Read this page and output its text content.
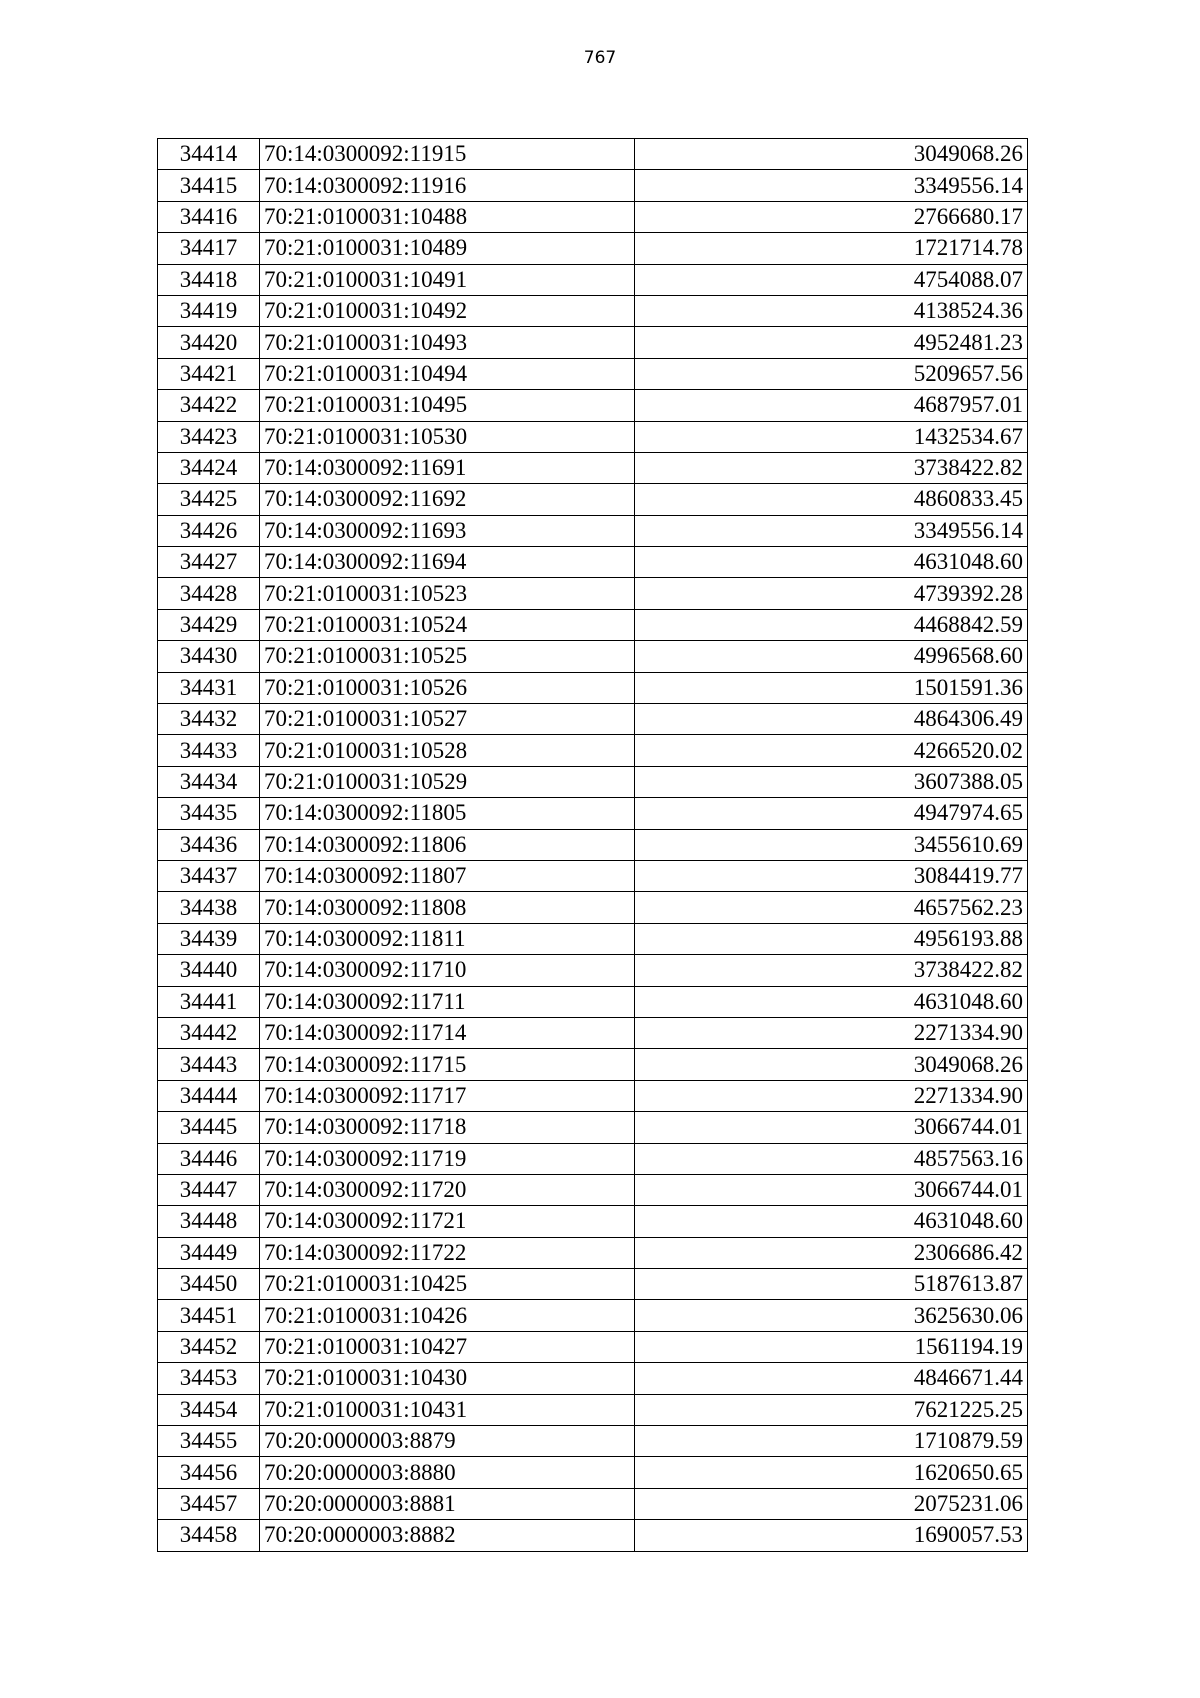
767
34414	70:14:0300092:11915	3049068.26
34415	70:14:0300092:11916	3349556.14
34416	70:21:0100031:10488	2766680.17
34417	70:21:0100031:10489	1721714.78
34418	70:21:0100031:10491	4754088.07
34419	70:21:0100031:10492	4138524.36
34420	70:21:0100031:10493	4952481.23
34421	70:21:0100031:10494	5209657.56
34422	70:21:0100031:10495	4687957.01
34423	70:21:0100031:10530	1432534.67
34424	70:14:0300092:11691	3738422.82
34425	70:14:0300092:11692	4860833.45
34426	70:14:0300092:11693	3349556.14
34427	70:14:0300092:11694	4631048.60
34428	70:21:0100031:10523	4739392.28
34429	70:21:0100031:10524	4468842.59
34430	70:21:0100031:10525	4996568.60
34431	70:21:0100031:10526	1501591.36
34432	70:21:0100031:10527	4864306.49
34433	70:21:0100031:10528	4266520.02
34434	70:21:0100031:10529	3607388.05
34435	70:14:0300092:11805	4947974.65
34436	70:14:0300092:11806	3455610.69
34437	70:14:0300092:11807	3084419.77
34438	70:14:0300092:11808	4657562.23
34439	70:14:0300092:11811	4956193.88
34440	70:14:0300092:11710	3738422.82
34441	70:14:0300092:11711	4631048.60
34442	70:14:0300092:11714	2271334.90
34443	70:14:0300092:11715	3049068.26
34444	70:14:0300092:11717	2271334.90
34445	70:14:0300092:11718	3066744.01
34446	70:14:0300092:11719	4857563.16
34447	70:14:0300092:11720	3066744.01
34448	70:14:0300092:11721	4631048.60
34449	70:14:0300092:11722	2306686.42
34450	70:21:0100031:10425	5187613.87
34451	70:21:0100031:10426	3625630.06
34452	70:21:0100031:10427	1561194.19
34453	70:21:0100031:10430	4846671.44
34454	70:21:0100031:10431	7621225.25
34455	70:20:0000003:8879	1710879.59
34456	70:20:0000003:8880	1620650.65
34457	70:20:0000003:8881	2075231.06
34458	70:20:0000003:8882	1690057.53
